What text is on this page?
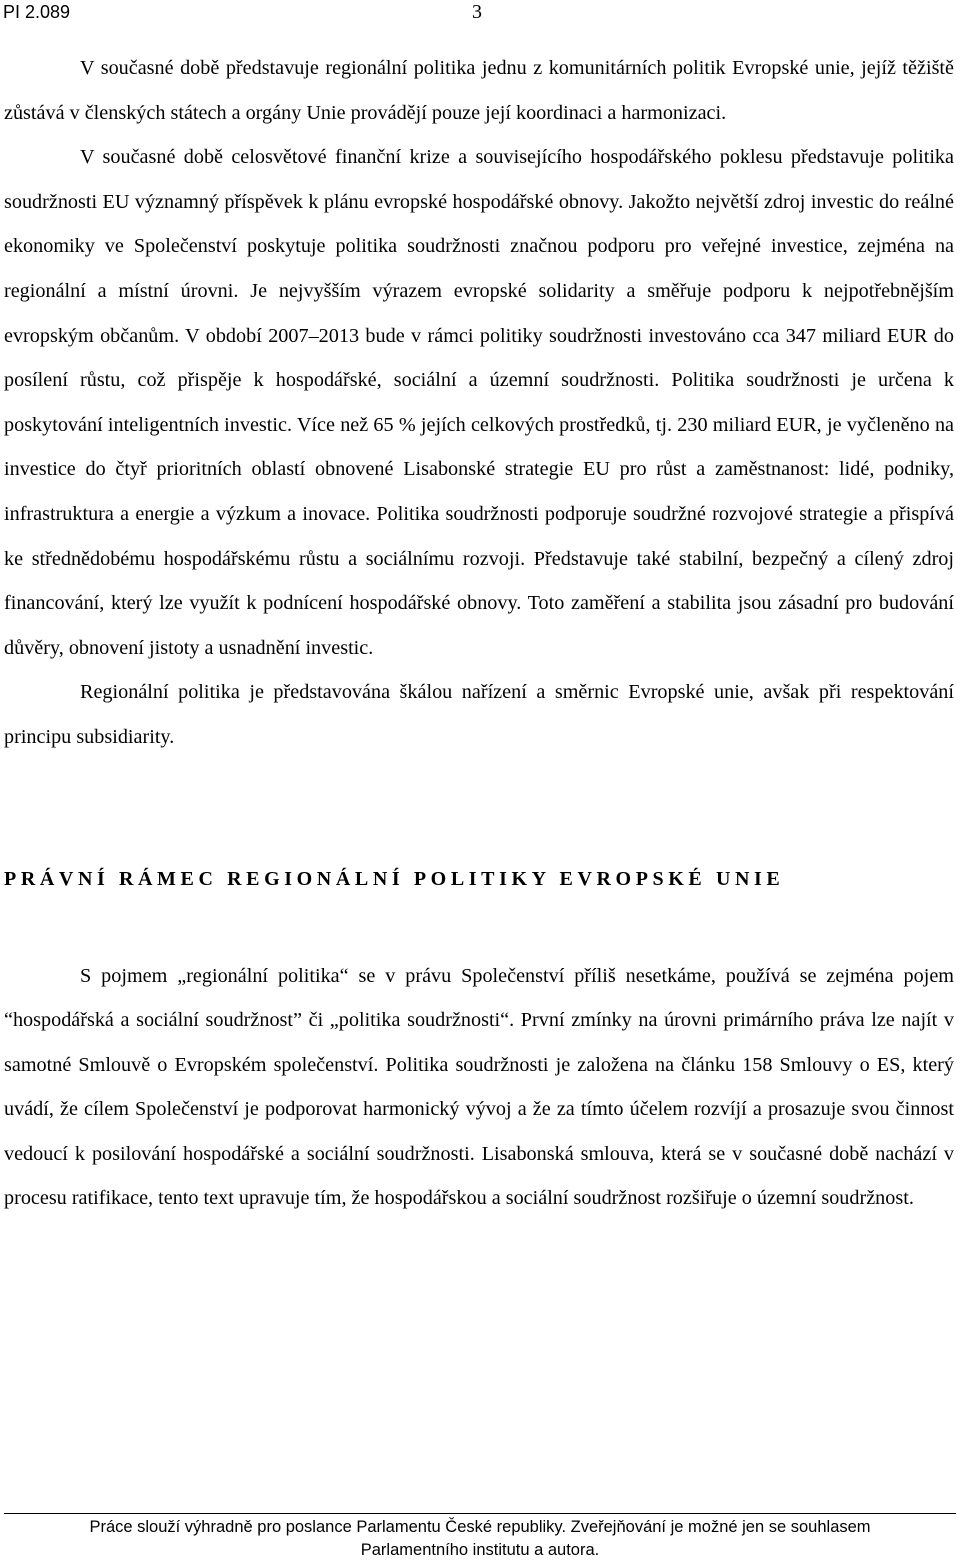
PI 2.089	3

V současné době představuje regionální politika jednu z komunitárních politik Evropské unie, jejíž těžiště zůstává v členských státech a orgány Unie provádějí pouze její koordinaci a harmonizaci.

V současné době celosvětové finanční krize a souvisejícího hospodářského poklesu představuje politika soudržnosti EU významný příspěvek k plánu evropské hospodářské obnovy. Jakožto největší zdroj investic do reálné ekonomiky ve Společenství poskytuje politika soudržnosti značnou podporu pro veřejné investice, zejména na regionální a místní úrovni. Je nejvyšším výrazem evropské solidarity a směřuje podporu k nejpotřebnějším evropským občanům. V období 2007–2013 bude v rámci politiky soudržnosti investováno cca 347 miliard EUR do posílení růstu, což přispěje k hospodářské, sociální a územní soudržnosti. Politika soudržnosti je určena k poskytování inteligentních investic. Více než 65 % jejích celkových prostředků, tj. 230 miliard EUR, je vyčleněno na investice do čtyř prioritních oblastí obnovené Lisabonské strategie EU pro růst a zaměstnanost: lidé, podniky, infrastruktura a energie a výzkum a inovace. Politika soudržnosti podporuje soudržné rozvojové strategie a přispívá ke střednědobému hospodářskému růstu a sociálnímu rozvoji. Představuje také stabilní, bezpečný a cílený zdroj financování, který lze využít k podnícení hospodářské obnovy. Toto zaměření a stabilita jsou zásadní pro budování důvěry, obnovení jistoty a usnadnění investic.

Regionální politika je představována škálou nařízení a směrnic Evropské unie, avšak při respektování principu subsidiarity.

PRÁVNÍ RÁMEC REGIONÁLNÍ POLITIKY EVROPSKÉ UNIE

S pojmem „regionální politika“ se v právu Společenství příliš nesetkáme, používá se zejména pojem “hospodářská a sociální soudržnost” či „politika soudržnosti“. První zmínky na úrovni primárního práva lze najít v samotné Smlouvě o Evropském společenství. Politika soudržnosti je založena na článku 158 Smlouvy o ES, který uvádí, že cílem Společenství je podporovat harmonický vývoj a že za tímto účelem rozvíjí a prosazuje svou činnost vedoucí k posilování hospodářské a sociální soudržnosti. Lisabonská smlouva, která se v současné době nachází v procesu ratifikace, tento text upravuje tím, že hospodářskou a sociální soudržnost rozšiřuje o územní soudržnost.

Práce slouží výhradně pro poslance Parlamentu České republiky. Zveřejňování je možné jen se souhlasem
Parlamentního institutu a autora.
